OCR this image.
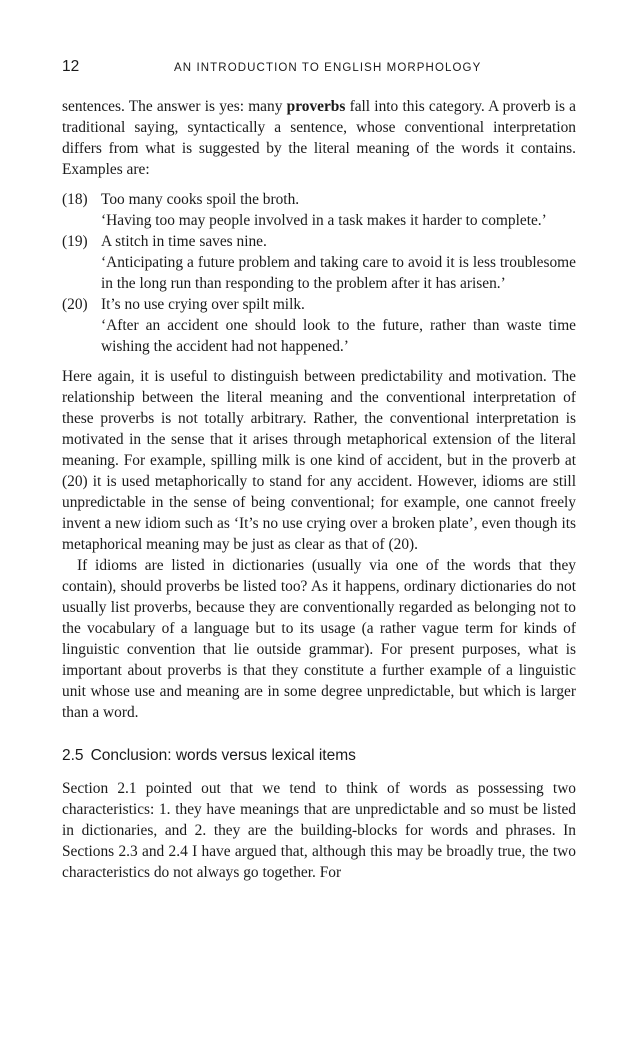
12	AN INTRODUCTION TO ENGLISH MORPHOLOGY

sentences. The answer is yes: many proverbs fall into this category. A proverb is a traditional saying, syntactically a sentence, whose conventional interpretation differs from what is suggested by the literal meaning of the words it contains. Examples are:

(18) Too many cooks spoil the broth.

‘Having too may people involved in a task makes it harder to complete.’

(19) A stitch in time saves nine.

‘Anticipating a future problem and taking care to avoid it is less troublesome in the long run than responding to the problem after it has arisen.’

(20) It’s no use crying over spilt milk.

‘After an accident one should look to the future, rather than waste time wishing the accident had not happened.’

Here again, it is useful to distinguish between predictability and motivation. The relationship between the literal meaning and the conventional interpretation of these proverbs is not totally arbitrary. Rather, the conventional interpretation is motivated in the sense that it arises through metaphorical extension of the literal meaning. For example, spilling milk is one kind of accident, but in the proverb at (20) it is used metaphorically to stand for any accident. However, idioms are still unpredictable in the sense of being conventional; for example, one cannot freely invent a new idiom such as ‘It’s no use crying over a broken plate’, even though its metaphorical meaning may be just as clear as that of (20).

If idioms are listed in dictionaries (usually via one of the words that they contain), should proverbs be listed too? As it happens, ordinary dictionaries do not usually list proverbs, because they are conventionally regarded as belonging not to the vocabulary of a language but to its usage (a rather vague term for kinds of linguistic convention that lie outside grammar). For present purposes, what is important about proverbs is that they constitute a further example of a linguistic unit whose use and meaning are in some degree unpredictable, but which is larger than a word.

2.5 Conclusion: words versus lexical items

Section 2.1 pointed out that we tend to think of words as possessing two characteristics: 1. they have meanings that are unpredictable and so must be listed in dictionaries, and 2. they are the building-blocks for words and phrases. In Sections 2.3 and 2.4 I have argued that, although this may be broadly true, the two characteristics do not always go together. For
